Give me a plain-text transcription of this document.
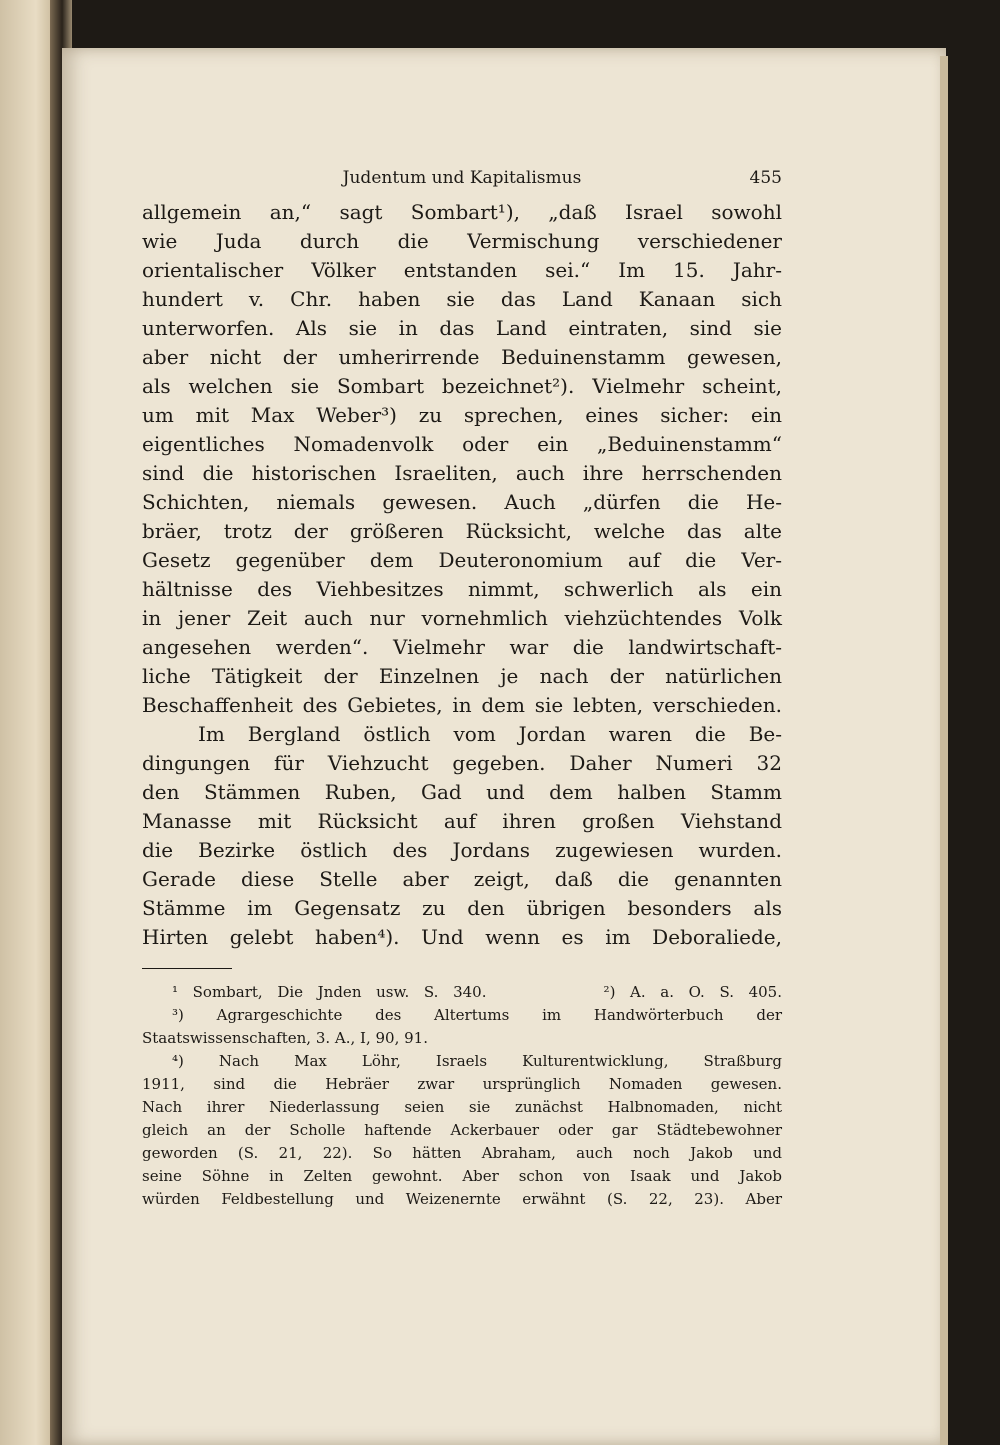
Judentum und Kapitalismus	455
allgemein an,“ sagt Sombart¹), „daß Israel sowohl
wie Juda durch die Vermischung verschiedener
orientalischer Völker entstanden sei.“ Im 15. Jahr-
hundert v. Chr. haben sie das Land Kanaan sich
unterworfen. Als sie in das Land eintraten, sind sie
aber nicht der umherirrende Beduinenstamm gewesen,
als welchen sie Sombart bezeichnet²). Vielmehr scheint,
um mit Max Weber³) zu sprechen, eines sicher: ein
eigentliches Nomadenvolk oder ein „Beduinenstamm“
sind die historischen Israeliten, auch ihre herrschenden
Schichten, niemals gewesen. Auch „dürfen die He-
bräer, trotz der größeren Rücksicht, welche das alte
Gesetz gegenüber dem Deuteronomium auf die Ver-
hältnisse des Viehbesitzes nimmt, schwerlich als ein
in jener Zeit auch nur vornehmlich viehzüchtendes Volk
angesehen werden“. Vielmehr war die landwirtschaft-
liche Tätigkeit der Einzelnen je nach der natürlichen
Beschaffenheit des Gebietes, in dem sie lebten, verschieden.
Im Bergland östlich vom Jordan waren die Be-
dingungen für Viehzucht gegeben. Daher Numeri 32
den Stämmen Ruben, Gad und dem halben Stamm
Manasse mit Rücksicht auf ihren großen Viehstand
die Bezirke östlich des Jordans zugewiesen wurden.
Gerade diese Stelle aber zeigt, daß die genannten
Stämme im Gegensatz zu den übrigen besonders als
Hirten gelebt haben⁴). Und wenn es im Deboraliede,
¹ Sombart, Die Jnden usw. S. 340.        ²) A. a. O. S. 405.
³) Agrargeschichte des Altertums im Handwörterbuch der
Staatswissenschaften, 3. A., I, 90, 91.
⁴) Nach Max Löhr, Israels Kulturentwicklung, Straßburg
1911, sind die Hebräer zwar ursprünglich Nomaden gewesen.
Nach ihrer Niederlassung seien sie zunächst Halbnomaden, nicht
gleich an der Scholle haftende Ackerbauer oder gar Städtebewohner
geworden (S. 21, 22). So hätten Abraham, auch noch Jakob und
seine Söhne in Zelten gewohnt. Aber schon von Isaak und Jakob
würden Feldbestellung und Weizenernte erwähnt (S. 22, 23). Aber
